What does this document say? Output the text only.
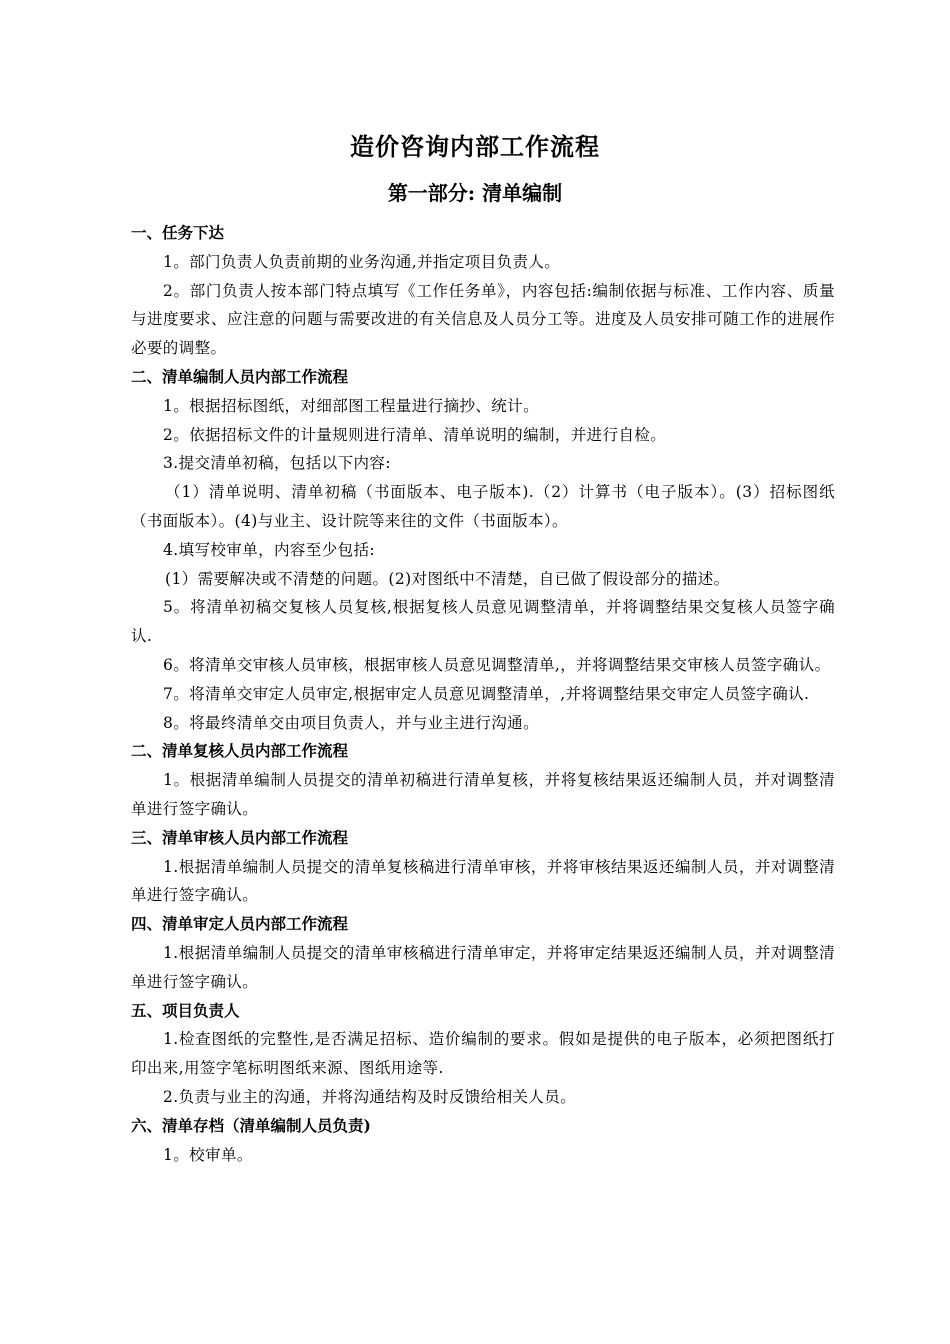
造价咨询内部工作流程
第一部分: 清单编制
一、任务下达
1。部门负责人负责前期的业务沟通,并指定项目负责人。
2。部门负责人按本部门特点填写《工作任务单》，内容包括:编制依据与标准、工作内容、质量与进度要求、应注意的问题与需要改进的有关信息及人员分工等。进度及人员安排可随工作的进展作必要的调整。
二、清单编制人员内部工作流程
1。根据招标图纸，对细部图工程量进行摘抄、统计。
2。依据招标文件的计量规则进行清单、清单说明的编制，并进行自检。
3.提交清单初稿，包括以下内容:
（1）清单说明、清单初稿（书面版本、电子版本).（2）计算书（电子版本）。(3）招标图纸（书面版本）。(4)与业主、设计院等来往的文件（书面版本）。
4.填写校审单，内容至少包括:
(1）需要解决或不清楚的问题。(2)对图纸中不清楚，自已做了假设部分的描述。
5。将清单初稿交复核人员复核,根据复核人员意见调整清单，并将调整结果交复核人员签字确认.
6。将清单交审核人员审核，根据审核人员意见调整清单,，并将调整结果交审核人员签字确认。
7。将清单交审定人员审定,根据审定人员意见调整清单，,并将调整结果交审定人员签字确认.
8。将最终清单交由项目负责人，并与业主进行沟通。
二、清单复核人员内部工作流程
1。根据清单编制人员提交的清单初稿进行清单复核，并将复核结果返还编制人员，并对调整清单进行签字确认。
三、清单审核人员内部工作流程
1.根据清单编制人员提交的清单复核稿进行清单审核，并将审核结果返还编制人员，并对调整清单进行签字确认。
四、清单审定人员内部工作流程
1.根据清单编制人员提交的清单审核稿进行清单审定，并将审定结果返还编制人员，并对调整清单进行签字确认。
五、项目负责人
1.检查图纸的完整性,是否满足招标、造价编制的要求。假如是提供的电子版本，必须把图纸打印出来,用签字笔标明图纸来源、图纸用途等.
2.负责与业主的沟通，并将沟通结构及时反馈给相关人员。
六、清单存档（清单编制人员负责)
1。校审单。
